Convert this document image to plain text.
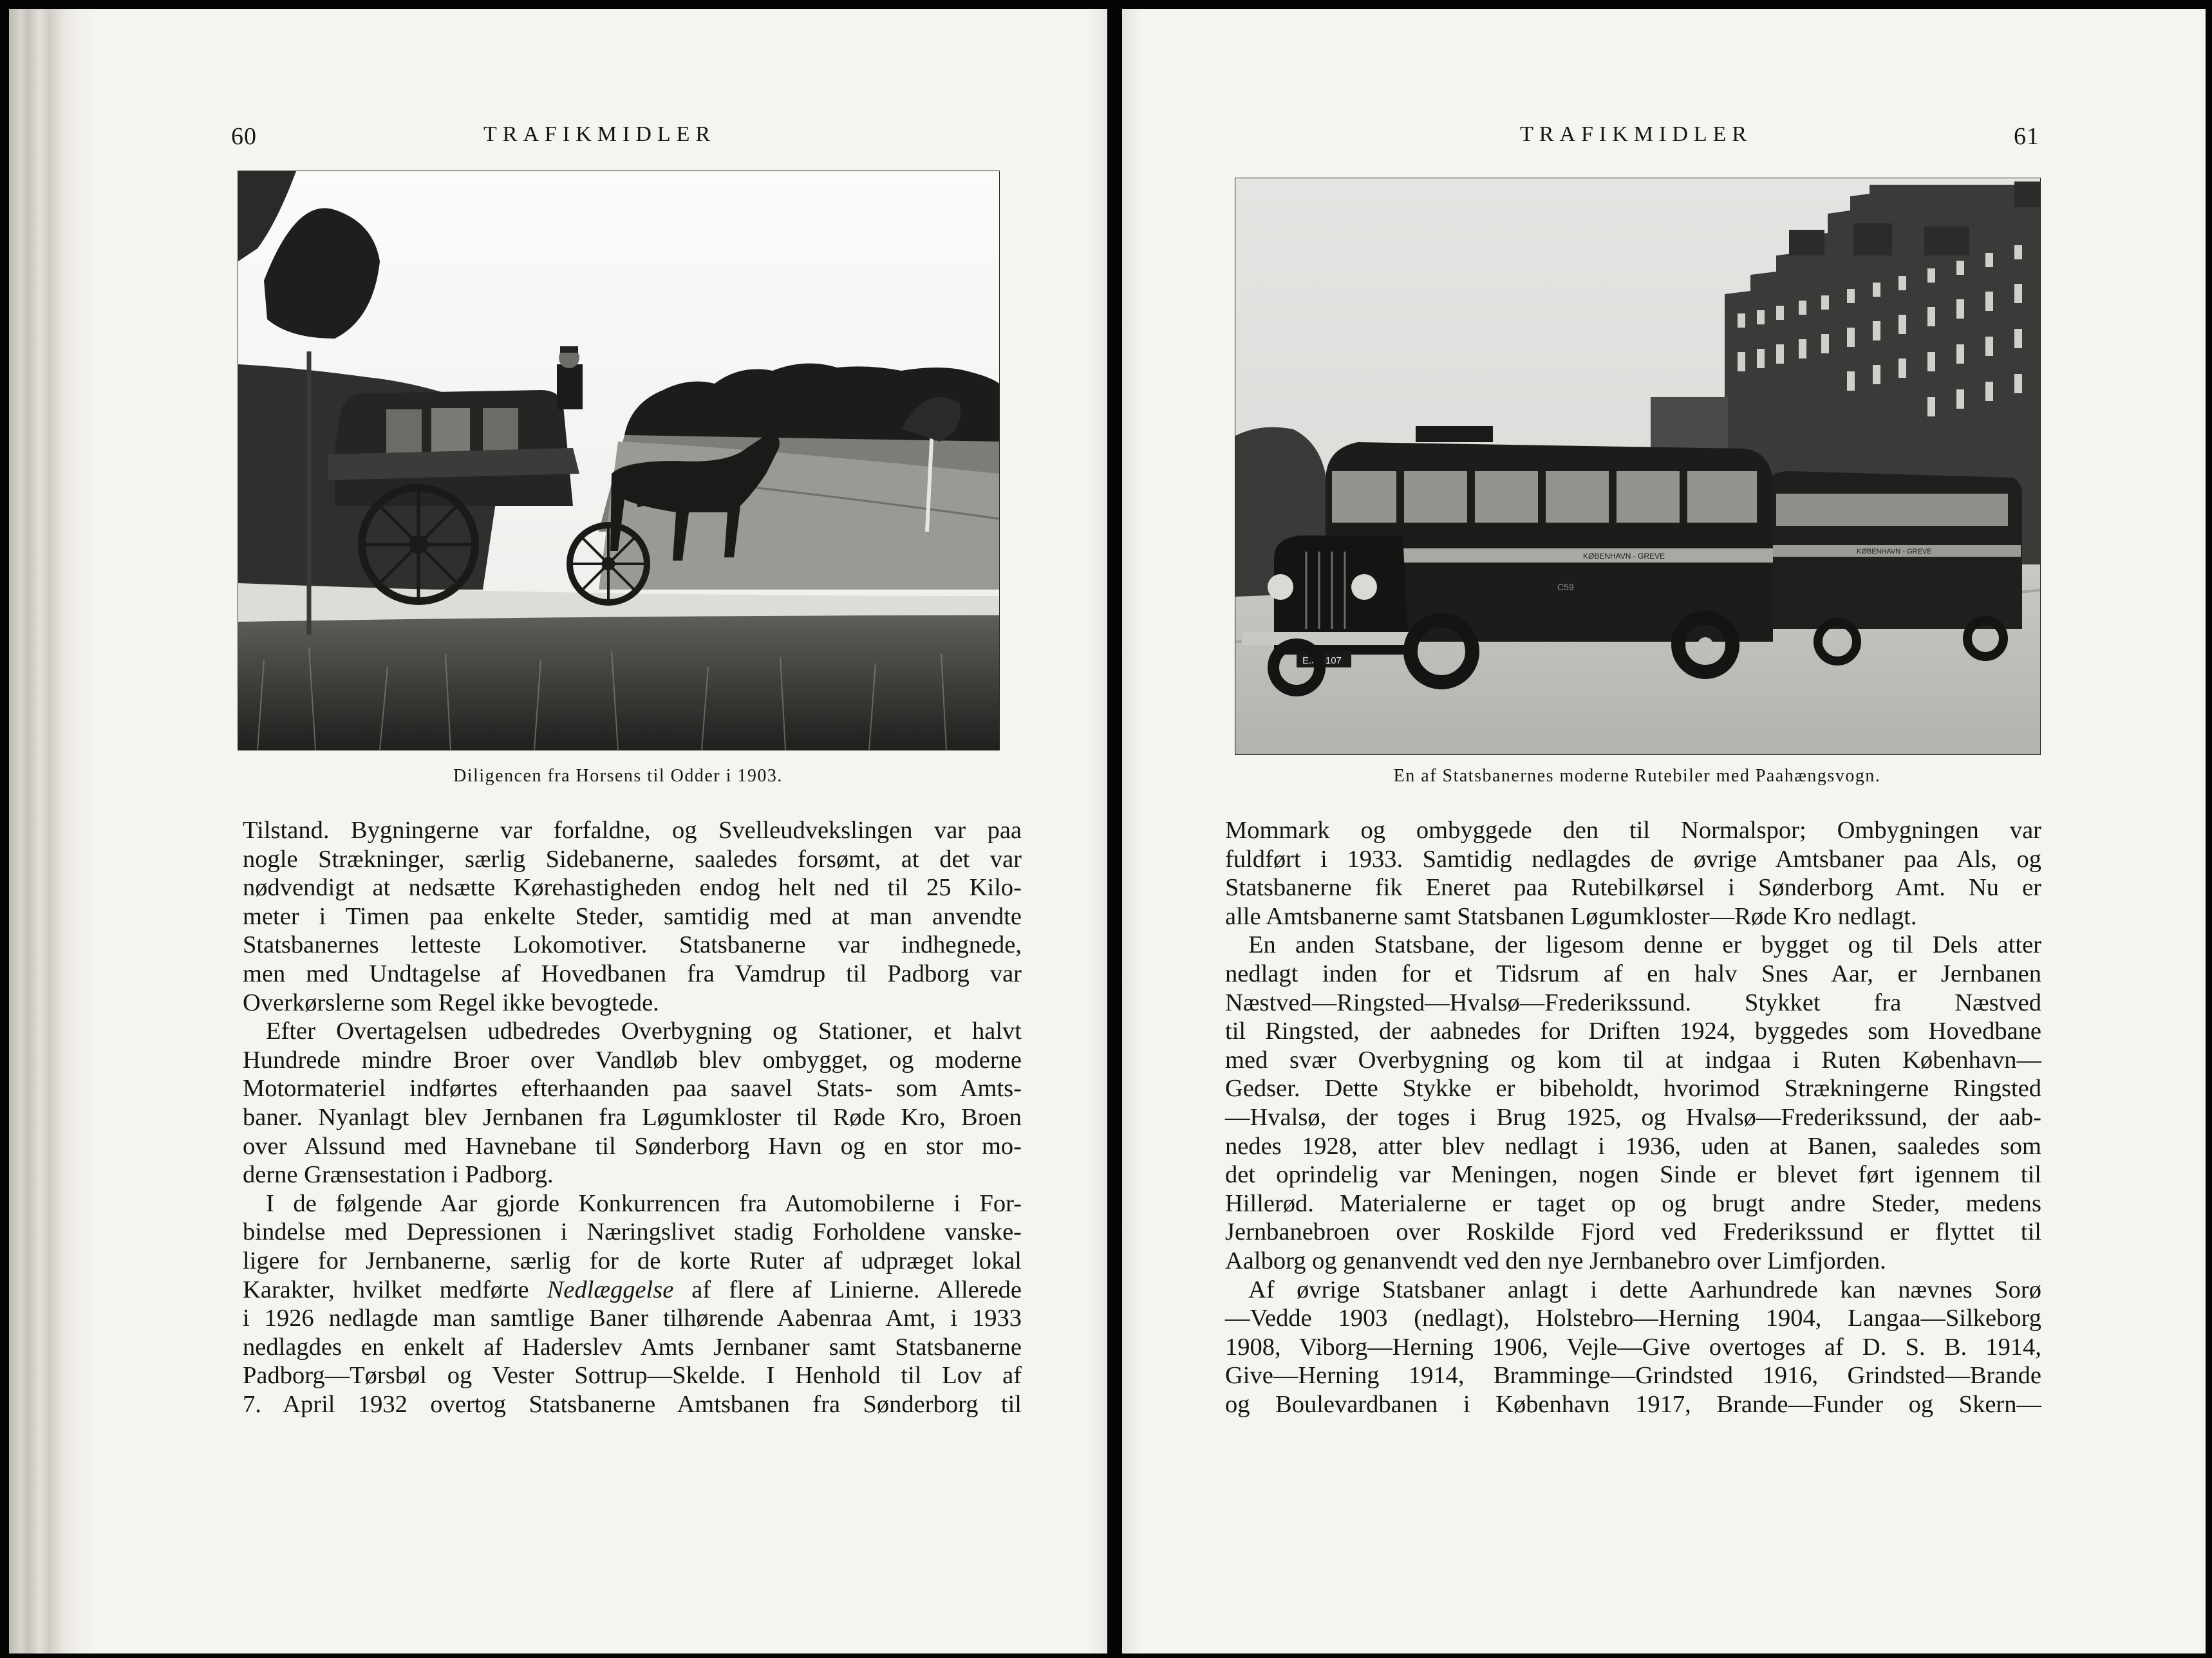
60	TRAFIKMIDLER
Diligencen fra Horsens til Odder i 1903.

Tilstand. Bygningerne var forfaldne, og Svelleudvekslingen var paa

nogle Strækninger, særlig Sidebanerne, saaledes forsømt, at det var

nødvendigt at nedsætte Kørehastigheden endog helt ned til 25 Kilo-

meter i Timen paa enkelte Steder, samtidig med at man anvendte

Statsbanernes letteste Lokomotiver. Statsbanerne var indhegnede,

men med Undtagelse af Hovedbanen fra Vamdrup til Padborg var

Overkørslerne som Regel ikke bevogtede.

Efter Overtagelsen udbedredes Overbygning og Stationer, et halvt

Hundrede mindre Broer over Vandløb blev ombygget, og moderne

Motormateriel indførtes efterhaanden paa saavel Stats- som Amts-

baner. Nyanlagt blev Jernbanen fra Løgumkloster til Røde Kro, Broen

over Alssund med Havnebane til Sønderborg Havn og en stor mo-

derne Grænsestation i Padborg.

I de følgende Aar gjorde Konkurrencen fra Automobilerne i For-

bindelse med Depressionen i Næringslivet stadig Forholdene vanske-

ligere for Jernbanerne, særlig for de korte Ruter af udpræget lokal

Karakter, hvilket medførte Nedlæggelse af flere af Linierne. Allerede

i 1926 nedlagde man samtlige Baner tilhørende Aabenraa Amt, i 1933

nedlagdes en enkelt af Haderslev Amts Jernbaner samt Statsbanerne

Padborg—Tørsbøl og Vester Sottrup—Skelde. I Henhold til Lov af

7. April 1932 overtog Statsbanerne Amtsbanen fra Sønderborg til

TRAFIKMIDLER	61
KØBENHAVN - GREVE
KØBENHAVN - GREVE
C59
E.30-107
En af Statsbanernes moderne Rutebiler med Paahængsvogn.

Mommark og ombyggede den til Normalspor; Ombygningen var

fuldført i 1933. Samtidig nedlagdes de øvrige Amtsbaner paa Als, og

Statsbanerne fik Eneret paa Rutebilkørsel i Sønderborg Amt. Nu er

alle Amtsbanerne samt Statsbanen Løgumkloster—Røde Kro nedlagt.

En anden Statsbane, der ligesom denne er bygget og til Dels atter

nedlagt inden for et Tidsrum af en halv Snes Aar, er Jernbanen

Næstved—Ringsted—Hvalsø—Frederikssund. Stykket fra Næstved

til Ringsted, der aabnedes for Driften 1924, byggedes som Hovedbane

med svær Overbygning og kom til at indgaa i Ruten København—

Gedser. Dette Stykke er bibeholdt, hvorimod Strækningerne Ringsted

—Hvalsø, der toges i Brug 1925, og Hvalsø—Frederikssund, der aab-

nedes 1928, atter blev nedlagt i 1936, uden at Banen, saaledes som

det oprindelig var Meningen, nogen Sinde er blevet ført igennem til

Hillerød. Materialerne er taget op og brugt andre Steder, medens

Jernbanebroen over Roskilde Fjord ved Frederikssund er flyttet til

Aalborg og genanvendt ved den nye Jernbanebro over Limfjorden.

Af øvrige Statsbaner anlagt i dette Aarhundrede kan nævnes Sorø

—Vedde 1903 (nedlagt), Holstebro—Herning 1904, Langaa—Silkeborg

1908, Viborg—Herning 1906, Vejle—Give overtoges af D. S. B. 1914,

Give—Herning 1914, Bramminge—Grindsted 1916, Grindsted—Brande

og Boulevardbanen i København 1917, Brande—Funder og Skern—
